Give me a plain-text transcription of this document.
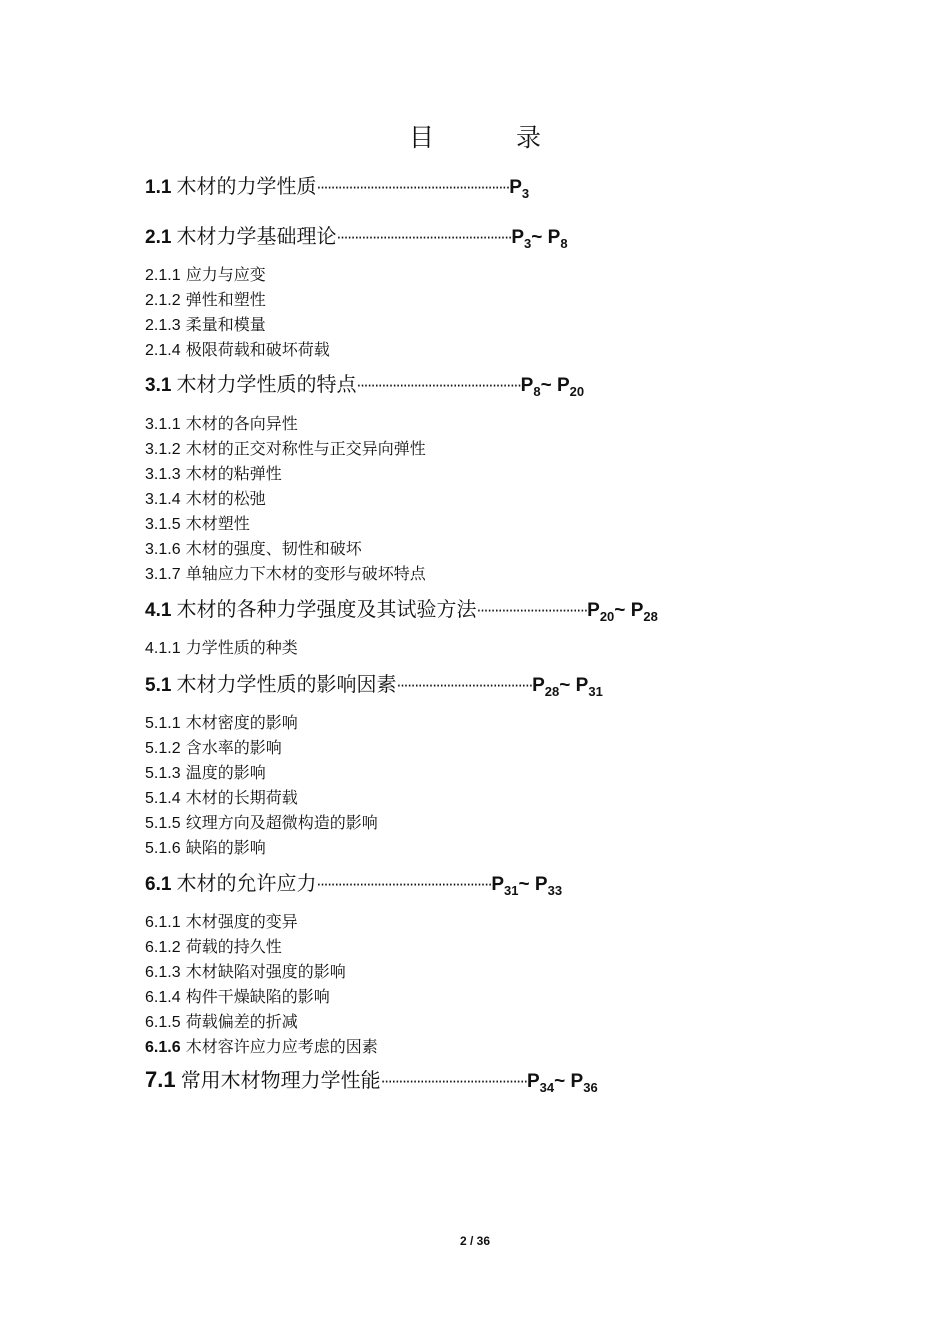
目	录
1.1 木材的力学性质$\cdot\cdot\cdot\cdot\cdot\cdot\cdot\cdot\cdot\cdot\cdot\cdot\cdot\cdot\cdot\cdot\cdot\cdot\cdot\cdot\cdot\cdot\cdot\cdot\cdot\cdot\cdot\cdot\cdot\cdot\cdot\cdot\cdot\cdot\cdot\cdot\cdot\cdot\cdot\cdot\cdot\cdot\cdot\cdot\cdot\cdot\cdot\cdot\cdot\cdot\cdot\cdot\cdot\cdot P_3$
2.1 木材力学基础理论$\cdot\cdot\cdot\cdot\cdot\cdot\cdot\cdot\cdot\cdot\cdot\cdot\cdot\cdot\cdot\cdot\cdot\cdot\cdot\cdot\cdot\cdot\cdot\cdot\cdot\cdot\cdot\cdot\cdot\cdot\cdot\cdot\cdot\cdot\cdot\cdot\cdot\cdot\cdot\cdot\cdot\cdot\cdot\cdot\cdot\cdot\cdot\cdot\cdot P_3\sim$ $P_8$
2.1.1 应力与应变
2.1.2 弹性和塑性
2.1.3 柔量和模量
2.1.4 极限荷载和破坏荷载
3.1 木材力学性质的特点$\cdot\cdot\cdot\cdot\cdot\cdot\cdot\cdot\cdot\cdot\cdot\cdot\cdot\cdot\cdot\cdot\cdot\cdot\cdot\cdot\cdot\cdot\cdot\cdot\cdot\cdot\cdot\cdot\cdot\cdot\cdot\cdot\cdot\cdot\cdot\cdot\cdot\cdot\cdot\cdot\cdot\cdot\cdot\cdot\cdot\cdot P_8\sim$ $P_{20}$
3.1.1 木材的各向异性
3.1.2 木材的正交对称性与正交异向弹性
3.1.3 木材的粘弹性
3.1.4 木材的松弛
3.1.5 木材塑性
3.1.6 木材的强度、韧性和破坏
3.1.7 单轴应力下木材的变形与破坏特点
4.1 木材的各种力学强度及其试验方法$\cdot\cdot\cdot\cdot\cdot\cdot\cdot\cdot\cdot\cdot\cdot\cdot\cdot\cdot\cdot\cdot\cdot\cdot\cdot\cdot\cdot\cdot\cdot\cdot\cdot\cdot\cdot\cdot\cdot\cdot\cdot P_{20}\sim$ $P_{28}$
4.1.1 力学性质的种类
5.1 木材力学性质的影响因素$\cdot\cdot\cdot\cdot\cdot\cdot\cdot\cdot\cdot\cdot\cdot\cdot\cdot\cdot\cdot\cdot\cdot\cdot\cdot\cdot\cdot\cdot\cdot\cdot\cdot\cdot\cdot\cdot\cdot\cdot\cdot\cdot\cdot\cdot\cdot\cdot\cdot\cdot P_{28}\sim$ $P_{31}$
5.1.1 木材密度的影响
5.1.2 含水率的影响
5.1.3 温度的影响
5.1.4 木材的长期荷载
5.1.5 纹理方向及超微构造的影响
5.1.6 缺陷的影响
6.1 木材的允许应力$\cdot\cdot\cdot\cdot\cdot\cdot\cdot\cdot\cdot\cdot\cdot\cdot\cdot\cdot\cdot\cdot\cdot\cdot\cdot\cdot\cdot\cdot\cdot\cdot\cdot\cdot\cdot\cdot\cdot\cdot\cdot\cdot\cdot\cdot\cdot\cdot\cdot\cdot\cdot\cdot\cdot\cdot\cdot\cdot\cdot\cdot\cdot\cdot\cdot P_{31}\sim$ $P_{33}$
6.1.1 木材强度的变异
6.1.2 荷载的持久性
6.1.3 木材缺陷对强度的影响
6.1.4 构件干燥缺陷的影响
6.1.5 荷载偏差的折减
6.1.6 木材容许应力应考虑的因素
7.1 常用木材物理力学性能$\cdot\cdot\cdot\cdot\cdot\cdot\cdot\cdot\cdot\cdot\cdot\cdot\cdot\cdot\cdot\cdot\cdot\cdot\cdot\cdot\cdot\cdot\cdot\cdot\cdot\cdot\cdot\cdot\cdot\cdot\cdot\cdot\cdot\cdot\cdot\cdot\cdot\cdot\cdot\cdot\cdot P_{34}\sim$ $P_{36}$
2 / 36
